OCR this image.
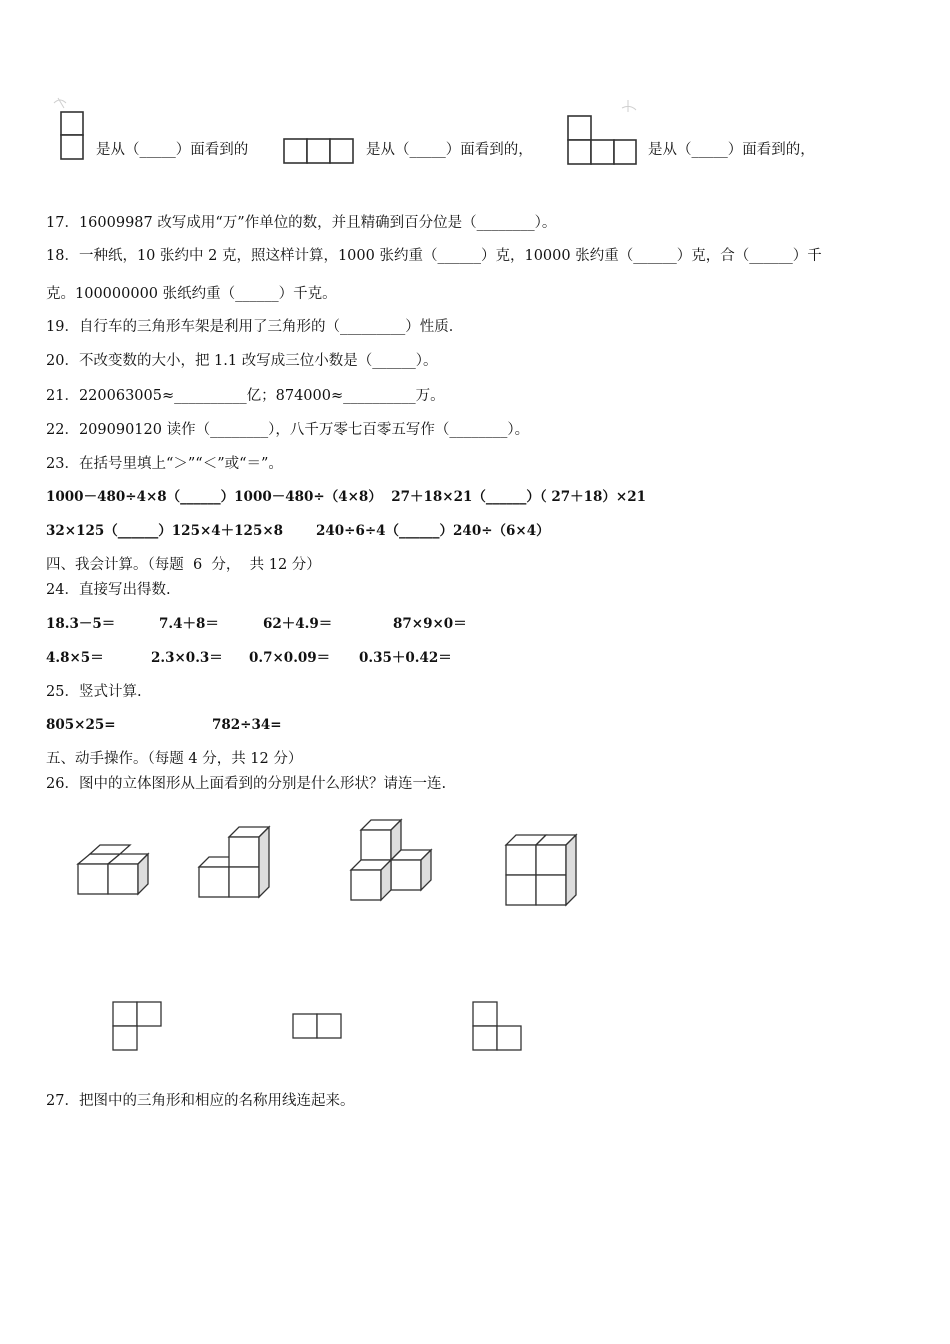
是从（_____）面看到的	是从（_____）面看到的，	是从（_____）面看到的，
17．16009987 改写成用“万”作单位的数，并且精确到百分位是（________）。
18．一种纸，10 张约中 2 克，照这样计算，1000 张约重（______）克，10000 张约重（______）克，合（______）千
克。100000000 张纸约重（______）千克。
19．自行车的三角形车架是利用了三角形的（_________）性质．
20．不改变数的大小，把 1.1 改写成三位小数是（______）。
21．220063005≈__________亿；874000≈__________万。
22．209090120 读作（________），八千万零七百零五写作（________）。
23．在括号里填上“＞”“＜”或“＝”。
1000－480÷4×8（______）1000－480÷（4×8）  27＋18×21（______）（ 27＋18）×21
32×125（______）125×4＋125×8       240÷6÷4（______）240÷（6×4）
四、我会计算。（每题  6  分，  共 12 分）
24．直接写出得数.
18.3－5＝	7.4＋8＝	62＋4.9＝	87×9×0＝
4.8×5＝	2.3×0.3＝ 0.7×0.09＝ 0.35＋0.42＝
25．竖式计算.
805×25=	782÷34=
五、动手操作。（每题 4 分，共 12 分）
26．图中的立体图形从上面看到的分别是什么形状？请连一连.
27．把图中的三角形和相应的名称用线连起来。
